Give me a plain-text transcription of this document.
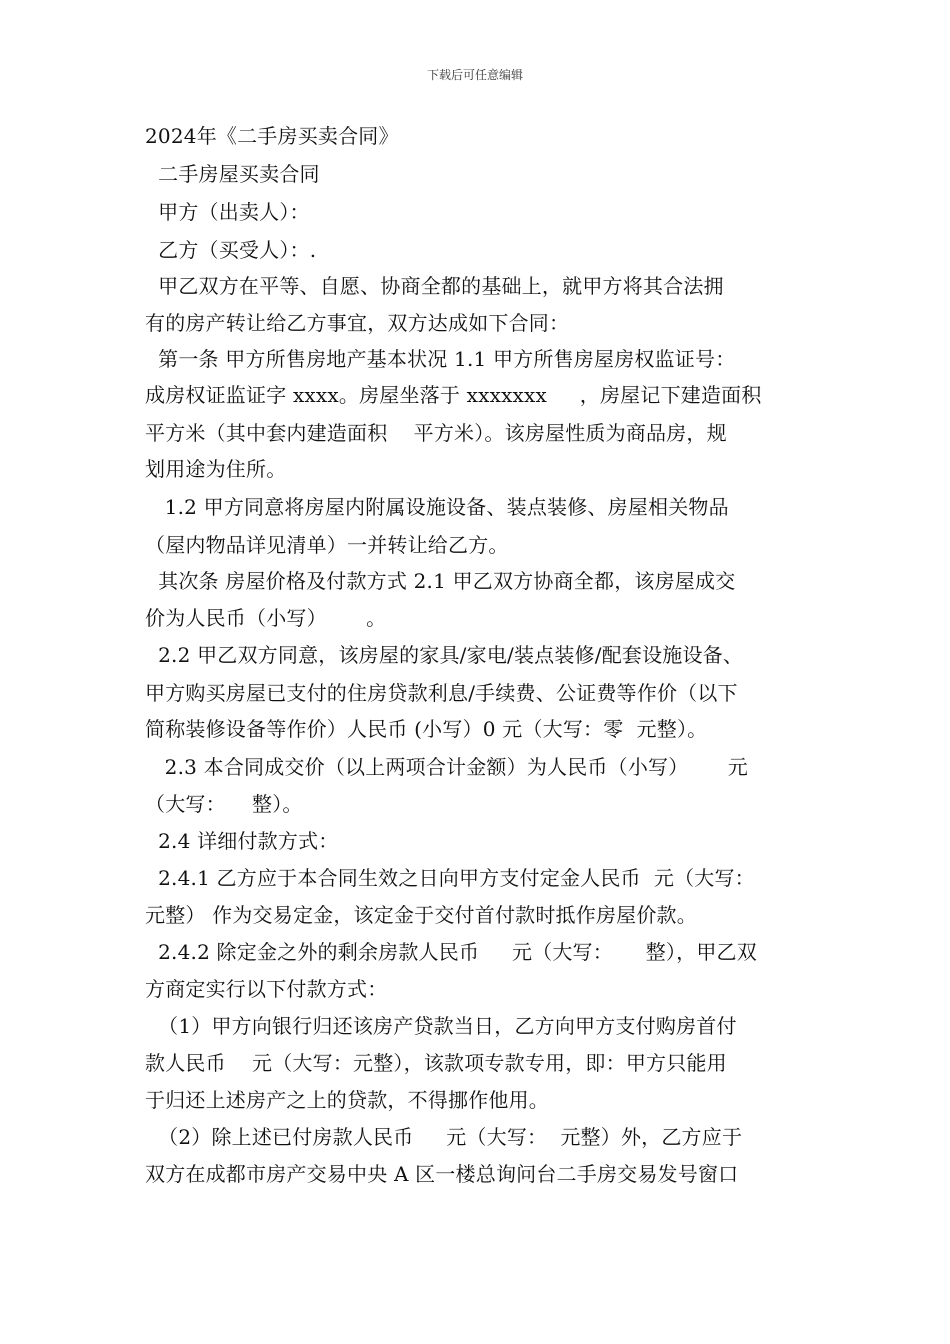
下载后可任意编辑
2024年《二手房买卖合同》
二手房屋买卖合同
甲方（出卖人）：
乙方（买受人）：.
甲乙双方在平等、自愿、协商全都的基础上，就甲方将其合法拥
有的房产转让给乙方事宜，双方达成如下合同：
第一条 甲方所售房地产基本状况 1.1 甲方所售房屋房权监证号：
成房权证监证字 xxxx。房屋坐落于 xxxxxxx     ，房屋记下建造面积
平方米（其中套内建造面积    平方米）。该房屋性质为商品房，规
划用途为住所。
1.2 甲方同意将房屋内附属设施设备、装点装修、房屋相关物品
（屋内物品详见清单）一并转让给乙方。
其次条 房屋价格及付款方式 2.1 甲乙双方协商全都，该房屋成交
价为人民币（小写）      。
2.2 甲乙双方同意，该房屋的家具/家电/装点装修/配套设施设备、
甲方购买房屋已支付的住房贷款利息/手续费、公证费等作价（以下
简称装修设备等作价）人民币 (小写）0 元（大写：零  元整）。
2.3 本合同成交价（以上两项合计金额）为人民币（小写）      元
（大写：    整）。
2.4 详细付款方式：
2.4.1 乙方应于本合同生效之日向甲方支付定金人民币  元（大写：
元整） 作为交易定金，该定金于交付首付款时抵作房屋价款。
2.4.2 除定金之外的剩余房款人民币     元（大写：     整），甲乙双
方商定实行以下付款方式：
（1）甲方向银行归还该房产贷款当日，乙方向甲方支付购房首付
款人民币    元（大写：元整），该款项专款专用，即：甲方只能用
于归还上述房产之上的贷款，不得挪作他用。
（2）除上述已付房款人民币     元（大写：  元整）外，乙方应于
双方在成都市房产交易中央 A 区一楼总询问台二手房交易发号窗口
